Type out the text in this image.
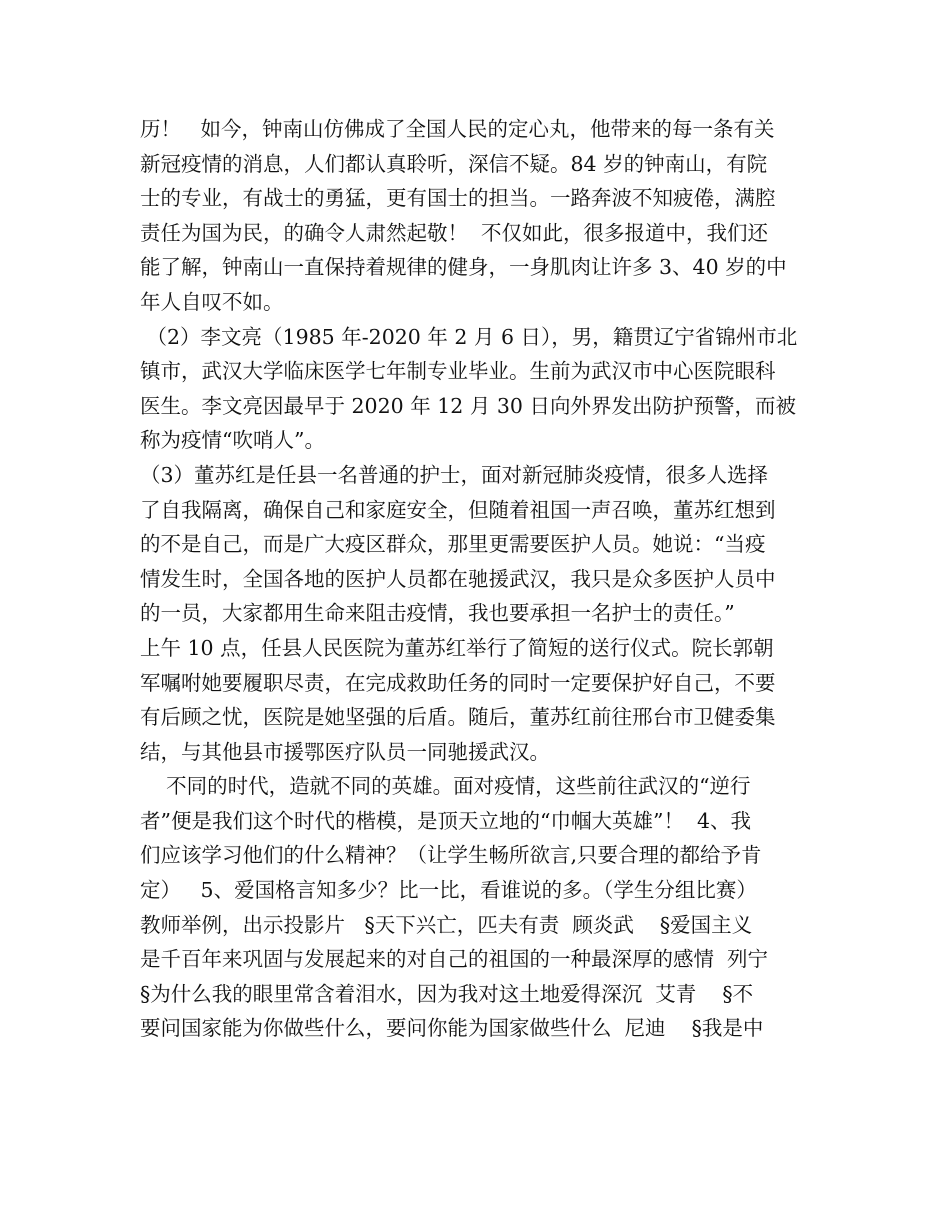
历！   如今，钟南山仿佛成了全国人民的定心丸，他带来的每一条有关
新冠疫情的消息，人们都认真聆听，深信不疑。84 岁的钟南山，有院
士的专业，有战士的勇猛，更有国士的担当。一路奔波不知疲倦，满腔
责任为国为民，的确令人肃然起敬！  不仅如此，很多报道中，我们还
能了解，钟南山一直保持着规律的健身，一身肌肉让许多 3、40 岁的中
年人自叹不如。
（2）李文亮（1985 年-2020 年 2 月 6 日），男，籍贯辽宁省锦州市北
镇市，武汉大学临床医学七年制专业毕业。生前为武汉市中心医院眼科
医生。李文亮因最早于 2020 年 12 月 30 日向外界发出防护预警，而被
称为疫情“吹哨人”。
（3）董苏红是任县一名普通的护士，面对新冠肺炎疫情，很多人选择
了自我隔离，确保自己和家庭安全，但随着祖国一声召唤，董苏红想到
的不是自己，而是广大疫区群众，那里更需要医护人员。她说：“当疫
情发生时，全国各地的医护人员都在驰援武汉，我只是众多医护人员中
的一员，大家都用生命来阻击疫情，我也要承担一名护士的责任。”
上午 10 点，任县人民医院为董苏红举行了简短的送行仪式。院长郭朝
军嘱咐她要履职尽责，在完成救助任务的同时一定要保护好自己，不要
有后顾之忧，医院是她坚强的后盾。随后，董苏红前往邢台市卫健委集
结，与其他县市援鄂医疗队员一同驰援武汉。
不同的时代，造就不同的英雄。面对疫情，这些前往武汉的“逆行
者”便是我们这个时代的楷模，是顶天立地的“巾帼大英雄”！  4、我
们应该学习他们的什么精神？（让学生畅所欲言,只要合理的都给予肯
定）   5、爱国格言知多少？比一比，看谁说的多。（学生分组比赛）
教师举例，出示投影片   §天下兴亡，匹夫有责  顾炎武    §爱国主义
是千百年来巩固与发展起来的对自己的祖国的一种最深厚的感情  列宁
§为什么我的眼里常含着泪水，因为我对这土地爱得深沉  艾青    §不
要问国家能为你做些什么，要问你能为国家做些什么  尼迪    §我是中
